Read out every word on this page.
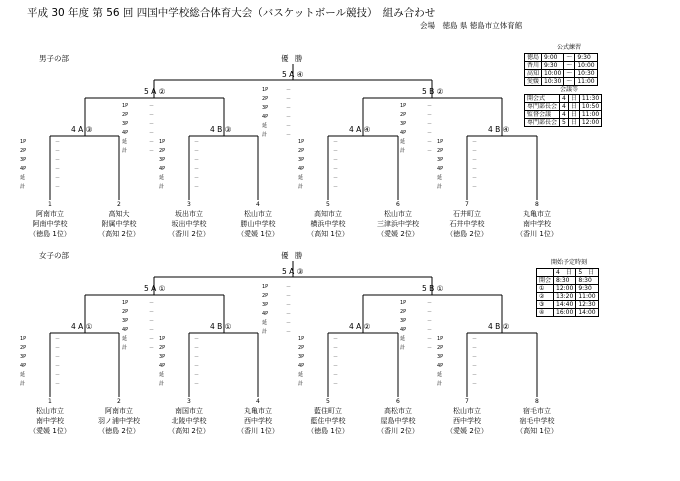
平成 30 年度 第 56 回 四国中学校総合体育大会（バスケットボール競技）　組み合わせ
会場　徳島 県 徳島市立体育館
男子の部	優 勝
5 A ④
1P	－
2P	－
3P	－
4P	－
延	－
計	－
5 A ②
1P	－
2P	－
3P	－
4P	－
延	－
計	－
4 A ③
1P	－
2P	－
3P	－
4P	－
延	－
計	－
4 B ③
1P	－
2P	－
3P	－
4P	－
延	－
計	－
5 B ②
1P	－
2P	－
3P	－
4P	－
延	－
計	－
4 A ④
1P	－
2P	－
3P	－
4P	－
延	－
計	－
4 B ④
1P	－
2P	－
3P	－
4P	－
延	－
計	－
1
阿南市立
阿南中学校
（徳島 1位）
2
高知大
附属中学校
（高知 2位）
3
坂出市立
坂出中学校
（香川 2位）
4
松山市立
勝山中学校
（愛媛 1位）
5
高知市立
横浜中学校
（高知 1位）
6
松山市立
三津浜中学校
（愛媛 2位）
7
石井町立
石井中学校
（徳島 2位）
8
丸亀市立
南中学校
（香川 1位）
女子の部	優 勝
5 A ③
1P	－
2P	－
3P	－
4P	－
延	－
計	－
5 A ①
1P	－
2P	－
3P	－
4P	－
延	－
計	－
4 A ①
1P	－
2P	－
3P	－
4P	－
延	－
計	－
4 B ①
1P	－
2P	－
3P	－
4P	－
延	－
計	－
5 B ①
1P	－
2P	－
3P	－
4P	－
延	－
計	－
4 A ②
1P	－
2P	－
3P	－
4P	－
延	－
計	－
4 B ②
1P	－
2P	－
3P	－
4P	－
延	－
計	－
1
松山市立
南中学校
（愛媛 1位）
2
阿南市立
羽ノ浦中学校
（徳島 2位）
3
南国市立
北陵中学校
（高知 2位）
4
丸亀市立
西中学校
（香川 1位）
5
藍住町立
藍住中学校
（徳島 1位）
6
高松市立
屋島中学校
（香川 2位）
7
松山市立
西中学校
（愛媛 2位）
8
宿毛市立
宿毛中学校
（高知 1位）
公式練習
徳島	9:00	～	9:30
香川	9:30	～	10:00
高知	10:00	～	10:30
愛媛	10:30	～	11:00
会議等
開会式	4	日	11:30
専門部長会	4	日	10:50
監督会議	4	日	11:00
専門部長会	5	日	12:00
開始予定時刻
	4　日	5　日
開会	8:30	8:30
①	12:00	9:30
②	13:20	11:00
③	14:40	12:30
④	16:00	14:00
